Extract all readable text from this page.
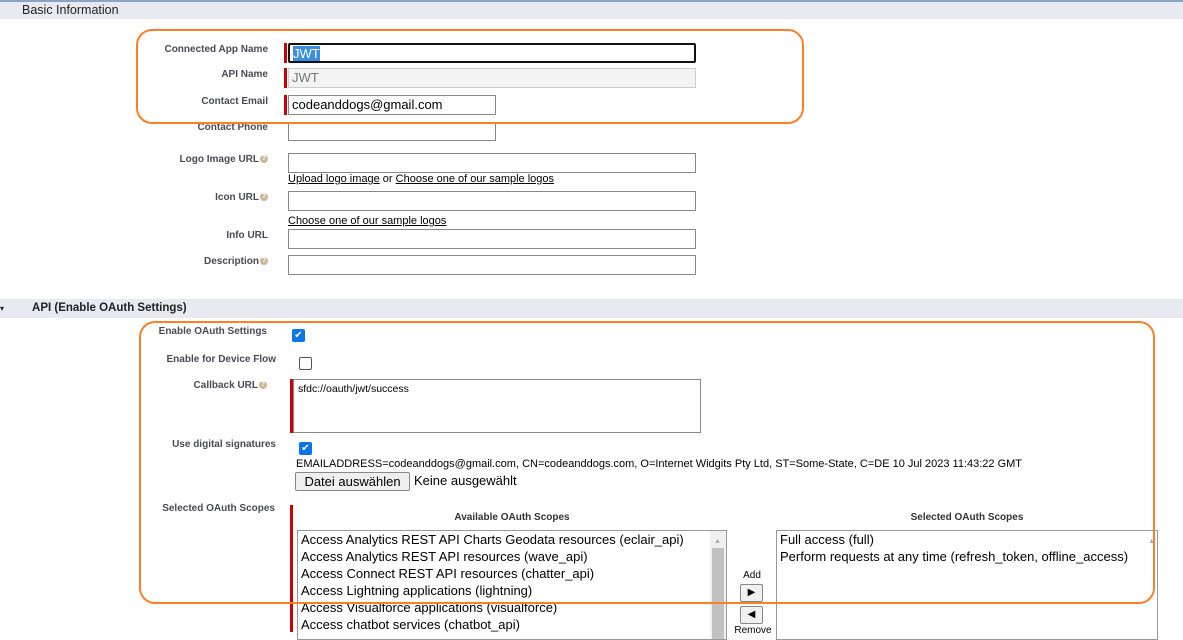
Basic Information
Connected App Name	JWT
API Name	JWT
Contact Email	codeanddogs@gmail.com
Contact Phone
Logo Image URL ?
Upload logo image or Choose one of our sample logos
Icon URL ?
Choose one of our sample logos
Info URL
Description ?
▾ API (Enable OAuth Settings)
Enable OAuth Settings	✔
Enable for Device Flow
Callback URL ?	sfdc://oauth/jwt/success
Use digital signatures	✔
EMAILADDRESS=codeanddogs@gmail.com, CN=codeanddogs.com, O=Internet Widgits Pty Ltd, ST=Some-State, C=DE 10 Jul 2023 11:43:22 GMT
Datei auswählen	Keine ausgewählt
Selected OAuth Scopes
Available OAuth Scopes
Access Analytics REST API Charts Geodata resources (eclair_api)
Access Analytics REST API resources (wave_api)
Access Connect REST API resources (chatter_api)
Access Lightning applications (lightning)
Access Visualforce applications (visualforce)
Access chatbot services (chatbot_api)
▲
Add
▶
◀
Remove
Selected OAuth Scopes
Full access (full)
Perform requests at any time (refresh_token, offline_access)
▲
